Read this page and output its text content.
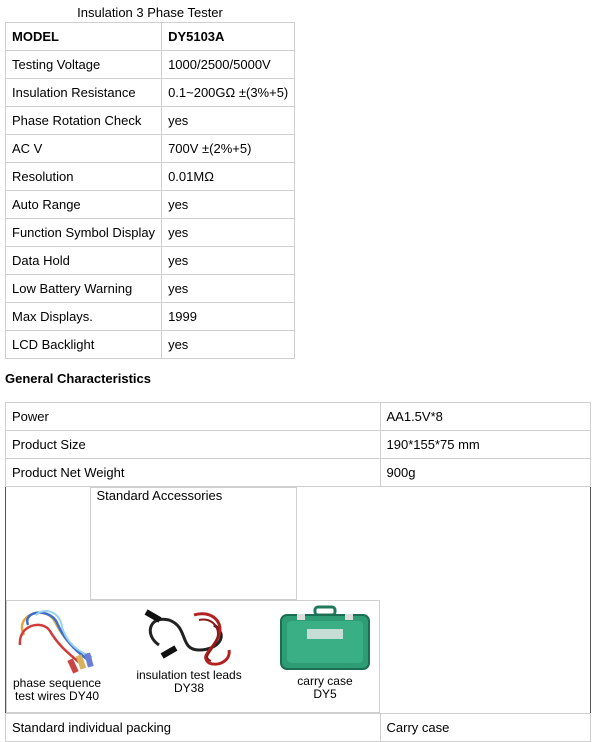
Insulation 3 Phase Tester
MODEL	DY5103A
Testing Voltage	1000/2500/5000V
Insulation Resistance	0.1~200GΩ ±(3%+5)
Phase Rotation Check	yes
AC V	700V ±(2%+5)
Resolution	0.01MΩ
Auto Range	yes
Function Symbol Display	yes
Data Hold	yes
Low Battery Warning	yes
Max Displays.	1999
LCD Backlight	yes
General Characteristics
Power	AA1.5V*8
Product Size	190*155*75 mm
Product Net Weight	900g

Standard Accessories
phase sequence
test wires DY40
insulation test leads
DY38	carry case
DY5
Standard individual packing	Carry case
